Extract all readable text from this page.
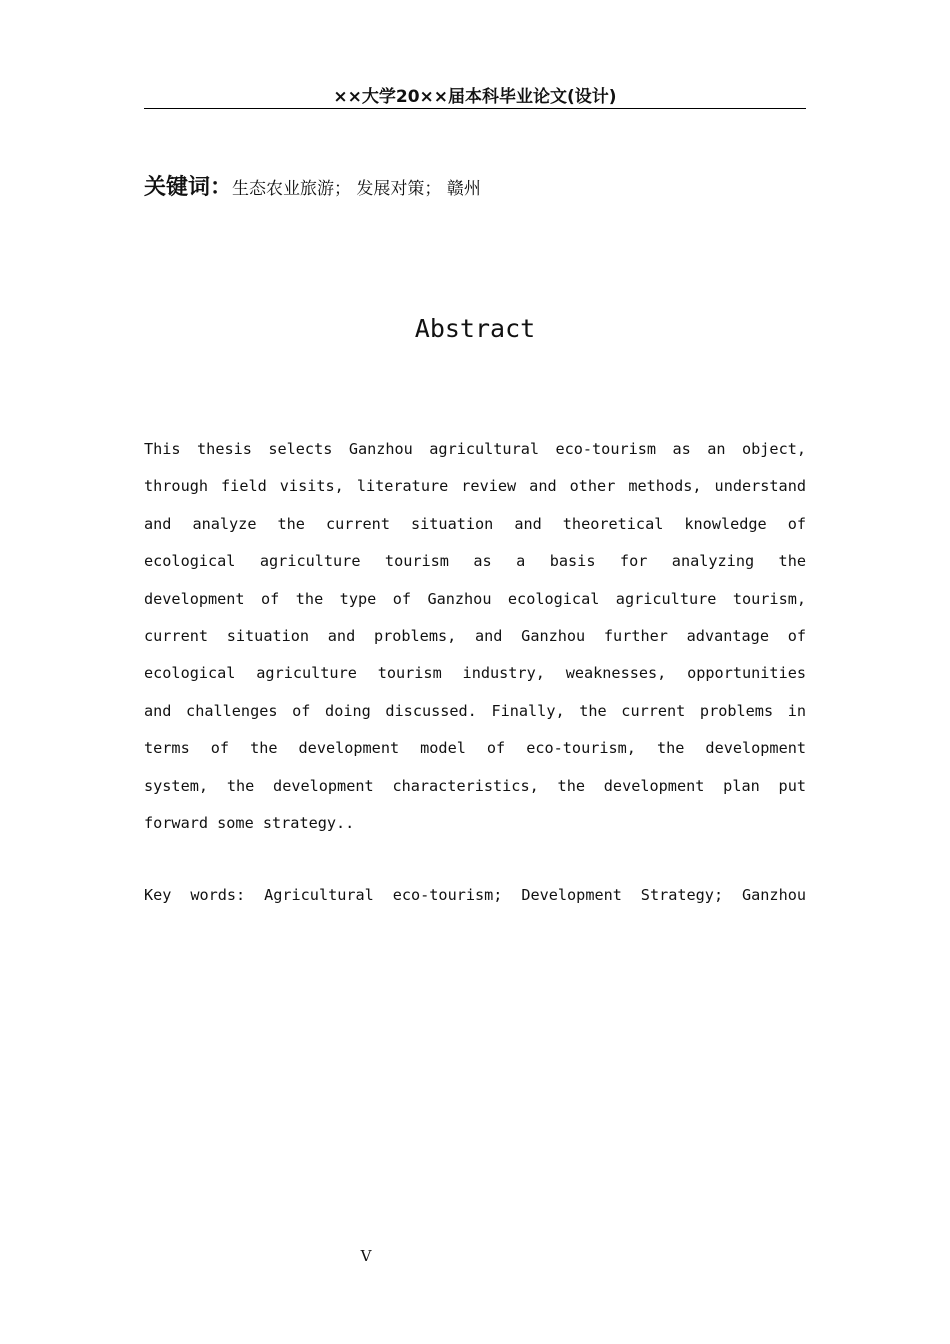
××大学20××届本科毕业论文(设计)
关键词：生态农业旅游； 发展对策； 赣州
Abstract
This thesis selects Ganzhou agricultural eco-tourism as an object,
through field visits, literature review and other methods, understand
and analyze the current situation and theoretical knowledge of
ecological agriculture tourism as a basis for analyzing the
development of the type of Ganzhou ecological agriculture tourism,
current situation and problems, and Ganzhou further advantage of
ecological agriculture tourism industry, weaknesses, opportunities
and challenges of doing discussed. Finally, the current problems in
terms of the development model of eco-tourism, the development
system, the development characteristics, the development plan put
forward some strategy..
Key words: Agricultural eco-tourism; Development Strategy; Ganzhou
V
